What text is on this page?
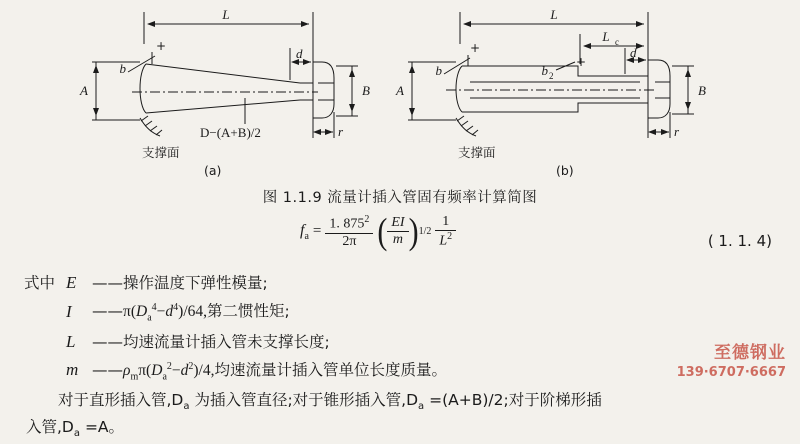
L
b
+
A	B
d
r
D−(A+B)/2
支撑面
(a)
L
L c
b
+
b 2
+
A	B
d
r
支撑面
(b)
图 1.1.9 流量计插入管固有频率计算简图
$f_a = \frac{1. 875^2}{2\pi}$ ( $\frac{EI}{m}$ ) $1/2 \frac{1}{L^2}$	( 1. 1. 4)
式中 E	——操作温度下弹性模量;
I	$——\pi(D_a^4-d^4)/64$,第二惯性矩;
L	——均速流量计插入管未支撑长度;
m $——\rho_m\pi(D_a^2-d^2)/4$,均速流量计插入管单位长度质量。
对于直形插入管$,D_a$ 为插入管直径;对于锥形插入管$,D_a =(A+B)/2$;对于阶梯形插
入管$,D_a =A$。
至德钢业
139·6707·6667
